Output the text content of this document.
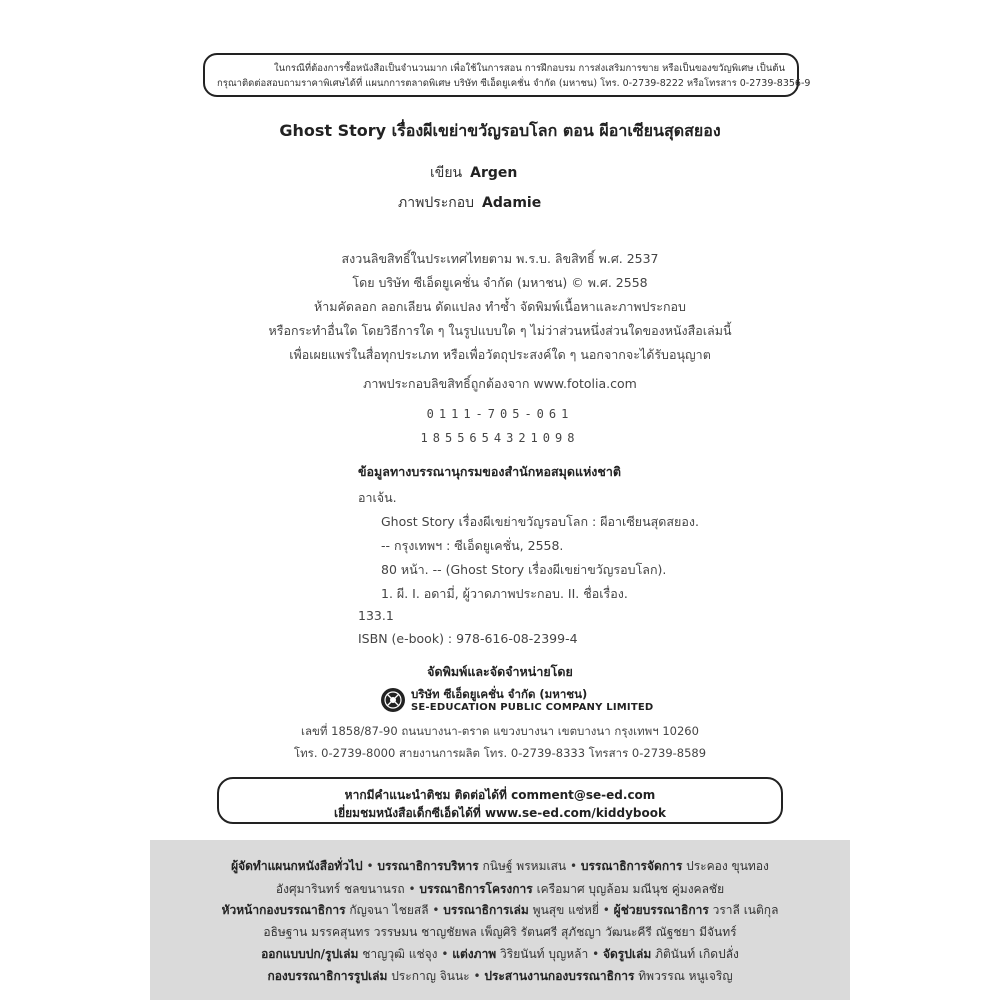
ในกรณีที่ต้องการซื้อหนังสือเป็นจำนวนมาก เพื่อใช้ในการสอน การฝึกอบรม การส่งเสริมการขาย หรือเป็นของขวัญพิเศษ เป็นต้น
กรุณาติดต่อสอบถามราคาพิเศษได้ที่ แผนกการตลาดพิเศษ บริษัท ซีเอ็ดยูเคชั่น จำกัด (มหาชน) โทร. 0-2739-8222 หรือโทรสาร 0-2739-8356-9
Ghost Story เรื่องผีเขย่าขวัญรอบโลก ตอน ผีอาเซียนสุดสยอง
เขียน Argen
ภาพประกอบ Adamie
สงวนลิขสิทธิ์ในประเทศไทยตาม พ.ร.บ. ลิขสิทธิ์ พ.ศ. 2537
โดย บริษัท ซีเอ็ดยูเคชั่น จำกัด (มหาชน) © พ.ศ. 2558
ห้ามคัดลอก ลอกเลียน ดัดแปลง ทำซ้ำ จัดพิมพ์เนื้อหาและภาพประกอบ
หรือกระทำอื่นใด โดยวิธีการใด ๆ ในรูปแบบใด ๆ ไม่ว่าส่วนหนึ่งส่วนใดของหนังสือเล่มนี้
เพื่อเผยแพร่ในสื่อทุกประเภท หรือเพื่อวัตถุประสงค์ใด ๆ นอกจากจะได้รับอนุญาต
ภาพประกอบลิขสิทธิ์ถูกต้องจาก www.fotolia.com
0111-705-061
1855654321098
ข้อมูลทางบรรณานุกรมของสำนักหอสมุดแห่งชาติ
อาเจ้น.
Ghost Story เรื่องผีเขย่าขวัญรอบโลก : ผีอาเซียนสุดสยอง.
-- กรุงเทพฯ : ซีเอ็ดยูเคชั่น, 2558.
80 หน้า. -- (Ghost Story เรื่องผีเขย่าขวัญรอบโลก).
1. ผี. I. อดามี่, ผู้วาดภาพประกอบ. II. ชื่อเรื่อง.
133.1
ISBN (e-book) : 978-616-08-2399-4
จัดพิมพ์และจัดจำหน่ายโดย
บริษัท ซีเอ็ดยูเคชั่น จำกัด (มหาชน)
SE-EDUCATION PUBLIC COMPANY LIMITED
เลขที่ 1858/87-90 ถนนบางนา-ตราด แขวงบางนา เขตบางนา กรุงเทพฯ 10260
โทร. 0-2739-8000 สายงานการผลิต โทร. 0-2739-8333 โทรสาร 0-2739-8589
หากมีคำแนะนำติชม ติดต่อได้ที่ comment@se-ed.com
เยี่ยมชมหนังสือเด็กซีเอ็ดได้ที่ www.se-ed.com/kiddybook
ผู้จัดทำแผนกหนังสือทั่วไป • บรรณาธิการบริหาร กนิษฐ์ พรหมเสน • บรรณาธิการจัดการ ประคอง ขุนทอง
อังศุมารินทร์ ชลขนานรถ • บรรณาธิการโครงการ เครือมาศ บุญล้อม มณีนุช คู่มงคลชัย
หัวหน้ากองบรรณาธิการ กัญจนา ไชยสลี • บรรณาธิการเล่ม พูนสุข แซ่หยี่ • ผู้ช่วยบรรณาธิการ วราลี เนติกุล
อธิษฐาน มรรคสุนทร วรรษมน ชาญชัยพล เพ็ญศิริ รัตนศรี สุภัชญา วัฒนะคีรี ณัฐชยา มีจันทร์
ออกแบบปก/รูปเล่ม ชาญวุฒิ แช่จุง • แต่งภาพ วิริยนันท์ บุญหล้า • จัดรูปเล่ม ภิตินันท์ เกิดปลั่ง
กองบรรณาธิการรูปเล่ม ประกาญ จินนะ • ประสานงานกองบรรณาธิการ ทิพวรรณ หนูเจริญ
